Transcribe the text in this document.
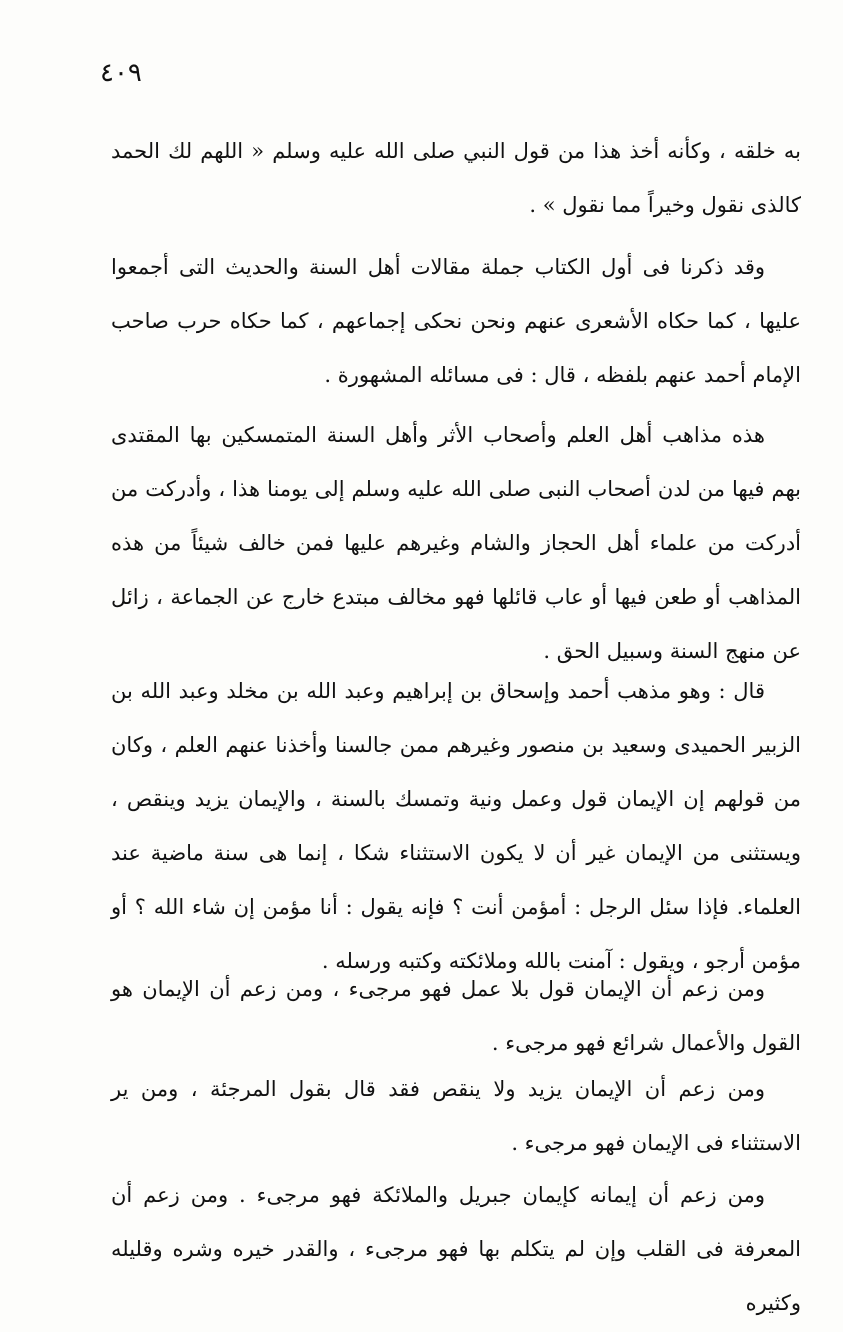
٤٠٩

به خلقه ، وكأنه أخذ هذا من قول النبي صلى الله عليه وسلم « اللهم لك الحمد كالذى نقول وخيراً مما نقول » .

وقد ذكرنا فى أول الكتاب جملة مقالات أهل السنة والحديث التى أجمعوا عليها ، كما حكاه الأشعرى عنهم ونحن نحكى إجماعهم ، كما حكاه حرب صاحب الإمام أحمد عنهم بلفظه ، قال : فى مسائله المشهورة .

هذه مذاهب أهل العلم وأصحاب الأثر وأهل السنة المتمسكين بها المقتدى بهم فيها من لدن أصحاب النبى صلى الله عليه وسلم إلى يومنا هذا ، وأدركت من أدركت من علماء أهل الحجاز والشام وغيرهم عليها فمن خالف شيئاً من هذه المذاهب أو طعن فيها أو عاب قائلها فهو مخالف مبتدع خارج عن الجماعة ، زائل عن منهج السنة وسبيل الحق .

قال : وهو مذهب أحمد وإسحاق بن إبراهيم وعبد الله بن مخلد وعبد الله بن الزبير الحميدى وسعيد بن منصور وغيرهم ممن جالسنا وأخذنا عنهم العلم ، وكان من قولهم إن الإيمان قول وعمل ونية وتمسك بالسنة ، والإيمان يزيد وينقص ، ويستثنى من الإيمان غير أن لا يكون الاستثناء شكا ، إنما هى سنة ماضية عند العلماء. فإذا سئل الرجل : أمؤمن أنت ؟ فإنه يقول : أنا مؤمن إن شاء الله ؟ أو مؤمن أرجو ، ويقول : آمنت بالله وملائكته وكتبه ورسله .

ومن زعم أن الإيمان قول بلا عمل فهو مرجىء ، ومن زعم أن الإيمان هو القول والأعمال شرائع فهو مرجىء .

ومن زعم أن الإيمان يزيد ولا ينقص فقد قال بقول المرجئة ، ومن ير الاستثناء فى الإيمان فهو مرجىء .

ومن زعم أن إيمانه كإيمان جبريل والملائكة فهو مرجىء . ومن زعم أن المعرفة فى القلب وإن لم يتكلم بها فهو مرجىء ، والقدر خيره وشره وقليله وكثيره
